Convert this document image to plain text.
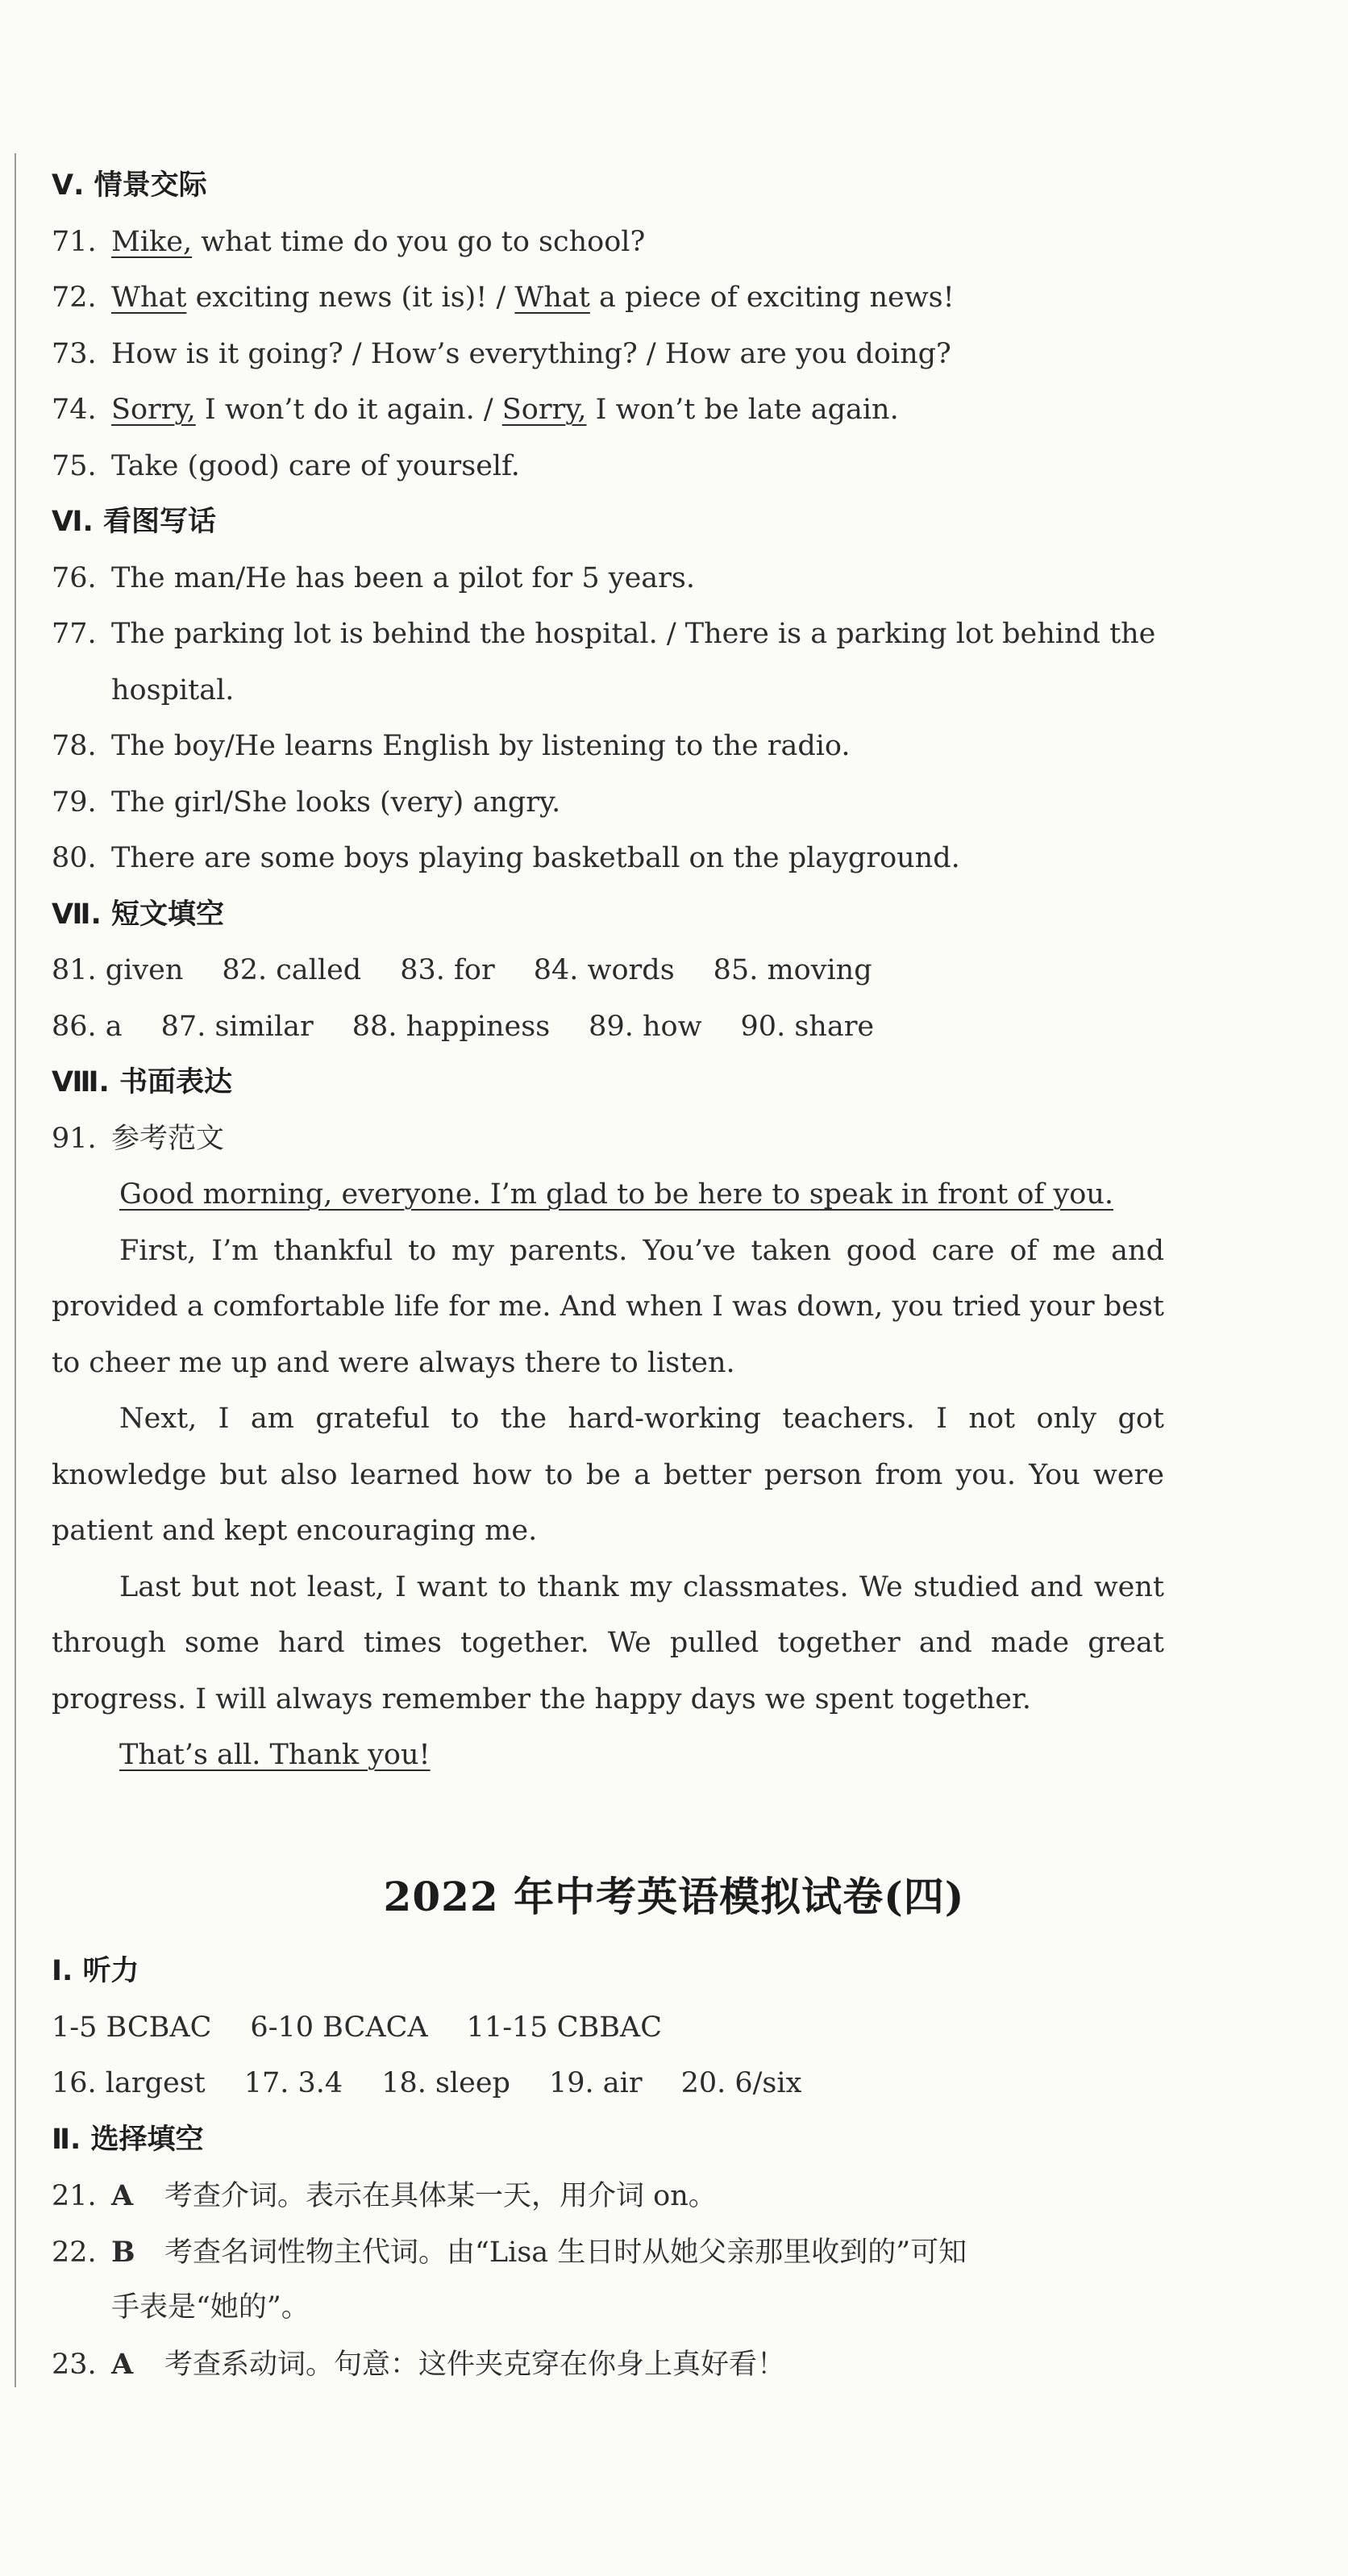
Ⅴ. 情景交际
71. Mike, what time do you go to school?
72. What exciting news (it is)! / What a piece of exciting news!
73. How is it going? / How’s everything? / How are you doing?
74. Sorry, I won’t do it again. / Sorry, I won’t be late again.
75. Take (good) care of yourself.
Ⅵ. 看图写话
76. The man/He has been a pilot for 5 years.
77. The parking lot is behind the hospital. / There is a parking lot behind the
hospital.
78. The boy/He learns English by listening to the radio.
79. The girl/She looks (very) angry.
80. There are some boys playing basketball on the playground.
Ⅶ. 短文填空
81. given 82. called 83. for 84. words 85. moving
86. a 87. similar 88. happiness 89. how 90. share
Ⅷ. 书面表达
91. 参考范文
Good morning, everyone. I’m glad to be here to speak in front of you.
First, I’m thankful to my parents. You’ve taken good care of me and provided a comfortable life for me. And when I was down, you tried your best to cheer me up and were always there to listen.
Next, I am grateful to the hard-working teachers. I not only got knowledge but also learned how to be a better person from you. You were patient and kept encouraging me.
Last but not least, I want to thank my classmates. We studied and went through some hard times together. We pulled together and made great progress. I will always remember the happy days we spent together.
That’s all. Thank you!
2022 年中考英语模拟试卷(四)
Ⅰ. 听力
1-5 BCBAC 6-10 BCACA 11-15 CBBAC
16. largest 17. 3.4 18. sleep 19. air 20. 6/six
Ⅱ. 选择填空
21. A 考查介词。表示在具体某一天，用介词 on。
22. B 考查名词性物主代词。由“Lisa 生日时从她父亲那里收到的”可知
手表是“她的”。
23. A 考查系动词。句意：这件夹克穿在你身上真好看！
